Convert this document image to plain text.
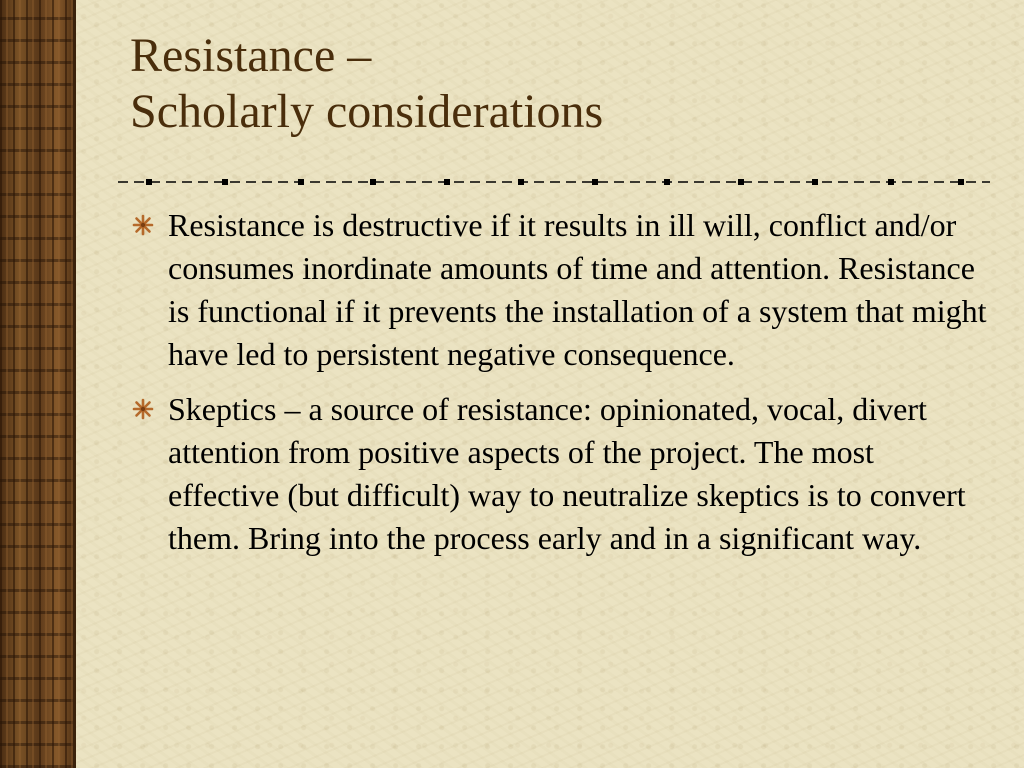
Resistance –
Scholarly considerations
Resistance is destructive if it results in ill will, conflict and/or consumes inordinate amounts of time and attention. Resistance is functional if it prevents the installation of a system that might have led to persistent negative consequence.
Skeptics – a source of resistance: opinionated, vocal, divert attention from positive aspects of the project. The most effective (but difficult) way to neutralize skeptics is to convert them. Bring into the process early and in a significant way.
